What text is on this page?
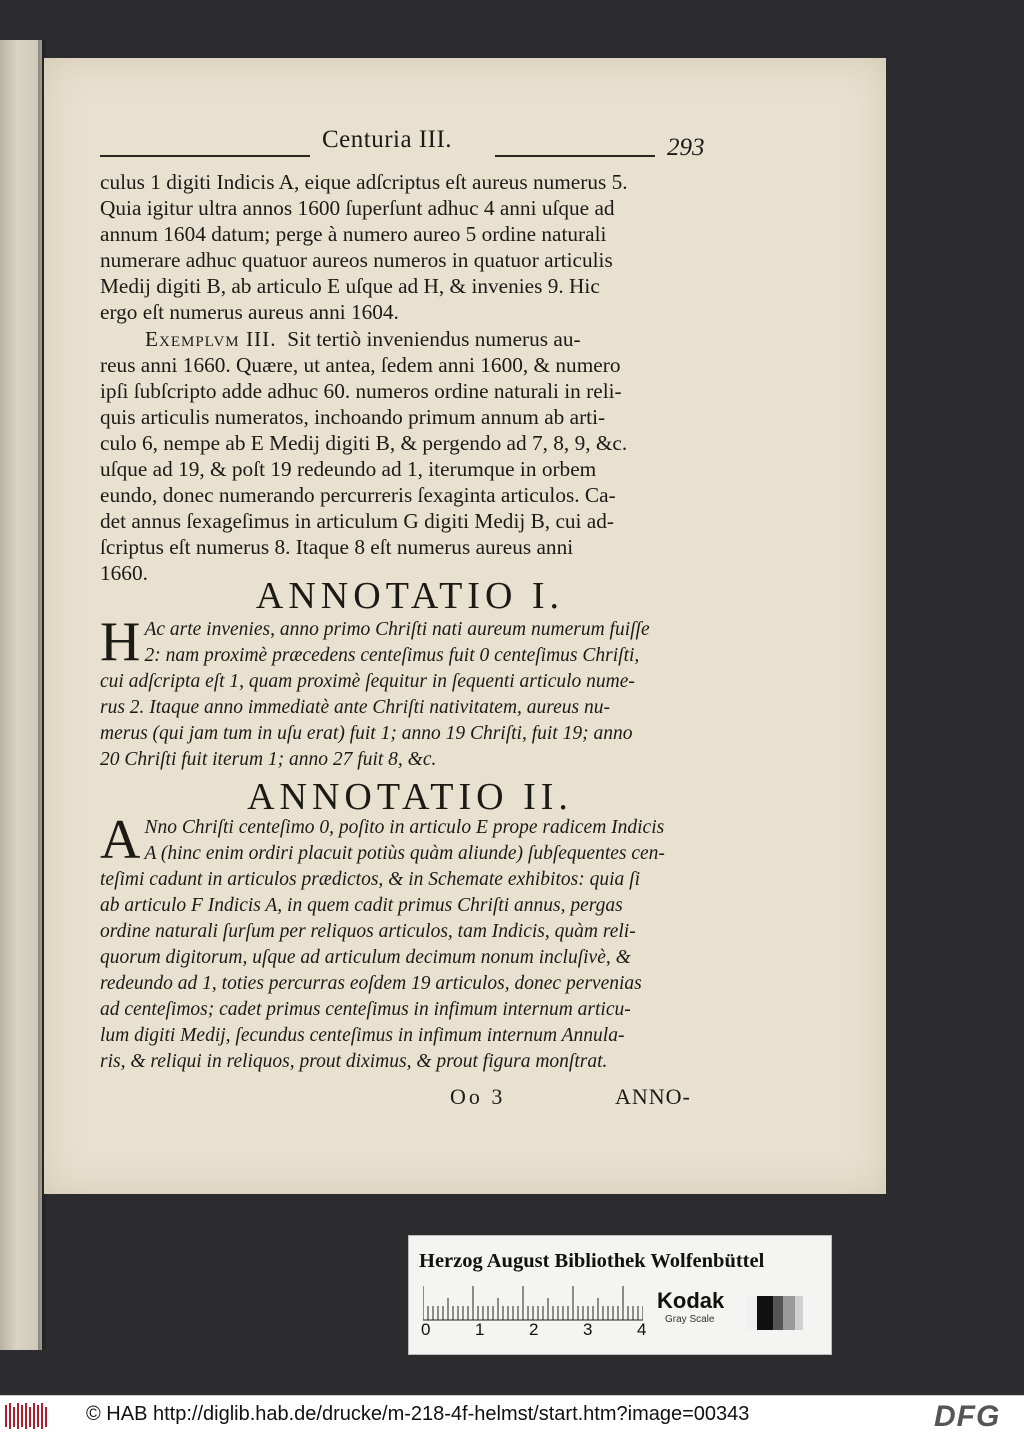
Centuria III.	293
culus 1 digiti Indicis A, eique adſcriptus eſt aureus numerus 5.
Quia igitur ultra annos 1600 ſuperſunt adhuc 4 anni uſque ad
annum 1604 datum; perge à numero aureo 5 ordine naturali
numerare adhuc quatuor aureos numeros in quatuor articulis
Medij digiti B, ab articulo E uſque ad H, & invenies 9. Hic
ergo eſt numerus aureus anni 1604.
Exemplvm III. Sit tertiò inveniendus numerus au-
reus anni 1660. Quære, ut antea, ſedem anni 1600, & numero
ipſi ſubſcripto adde adhuc 60. numeros ordine naturali in reli-
quis articulis numeratos, inchoando primum annum ab arti-
culo 6, nempe ab E Medij digiti B, & pergendo ad 7, 8, 9, &c.
uſque ad 19, & poſt 19 redeundo ad 1, iterumque in orbem
eundo, donec numerando percurreris ſexaginta articulos. Ca-
det annus ſexageſimus in articulum G digiti Medij B, cui ad-
ſcriptus eſt numerus 8. Itaque 8 eſt numerus aureus anni
1660.
ANNOTATIO I.
H Ac arte invenies, anno primo Chriſti nati aureum numerum fuiſſe
2: nam proximè præcedens centeſimus fuit 0 centeſimus Chriſti,
cui adſcripta eſt 1, quam proximè ſequitur in ſequenti articulo nume-
rus 2. Itaque anno immediatè ante Chriſti nativitatem, aureus nu-
merus (qui jam tum in uſu erat) fuit 1; anno 19 Chriſti, fuit 19; anno
20 Chriſti fuit iterum 1; anno 27 fuit 8, &c.
ANNOTATIO II.
A Nno Chriſti centeſimo 0, poſito in articulo E prope radicem Indicis
A (hinc enim ordiri placuit potiùs quàm aliunde) ſubſequentes cen-
teſimi cadunt in articulos prædictos, & in Schemate exhibitos: quia ſi
ab articulo F Indicis A, in quem cadit primus Chriſti annus, pergas
ordine naturali ſurſum per reliquos articulos, tam Indicis, quàm reli-
quorum digitorum, uſque ad articulum decimum nonum incluſivè, &
redeundo ad 1, toties percurras eoſdem 19 articulos, donec pervenias
ad centeſimos; cadet primus centeſimus in infimum internum articu-
lum digiti Medij, ſecundus centeſimus in infimum internum Annula-
ris, & reliqui in reliquos, prout diximus, & prout figura monſtrat.
Oo 3	ANNO-
Herzog August Bibliothek Wolfenbüttel
0	1	2	3	4
Kodak
Gray Scale
© HAB http://diglib.hab.de/drucke/m-218-4f-helmst/start.htm?image=00343	DFG
